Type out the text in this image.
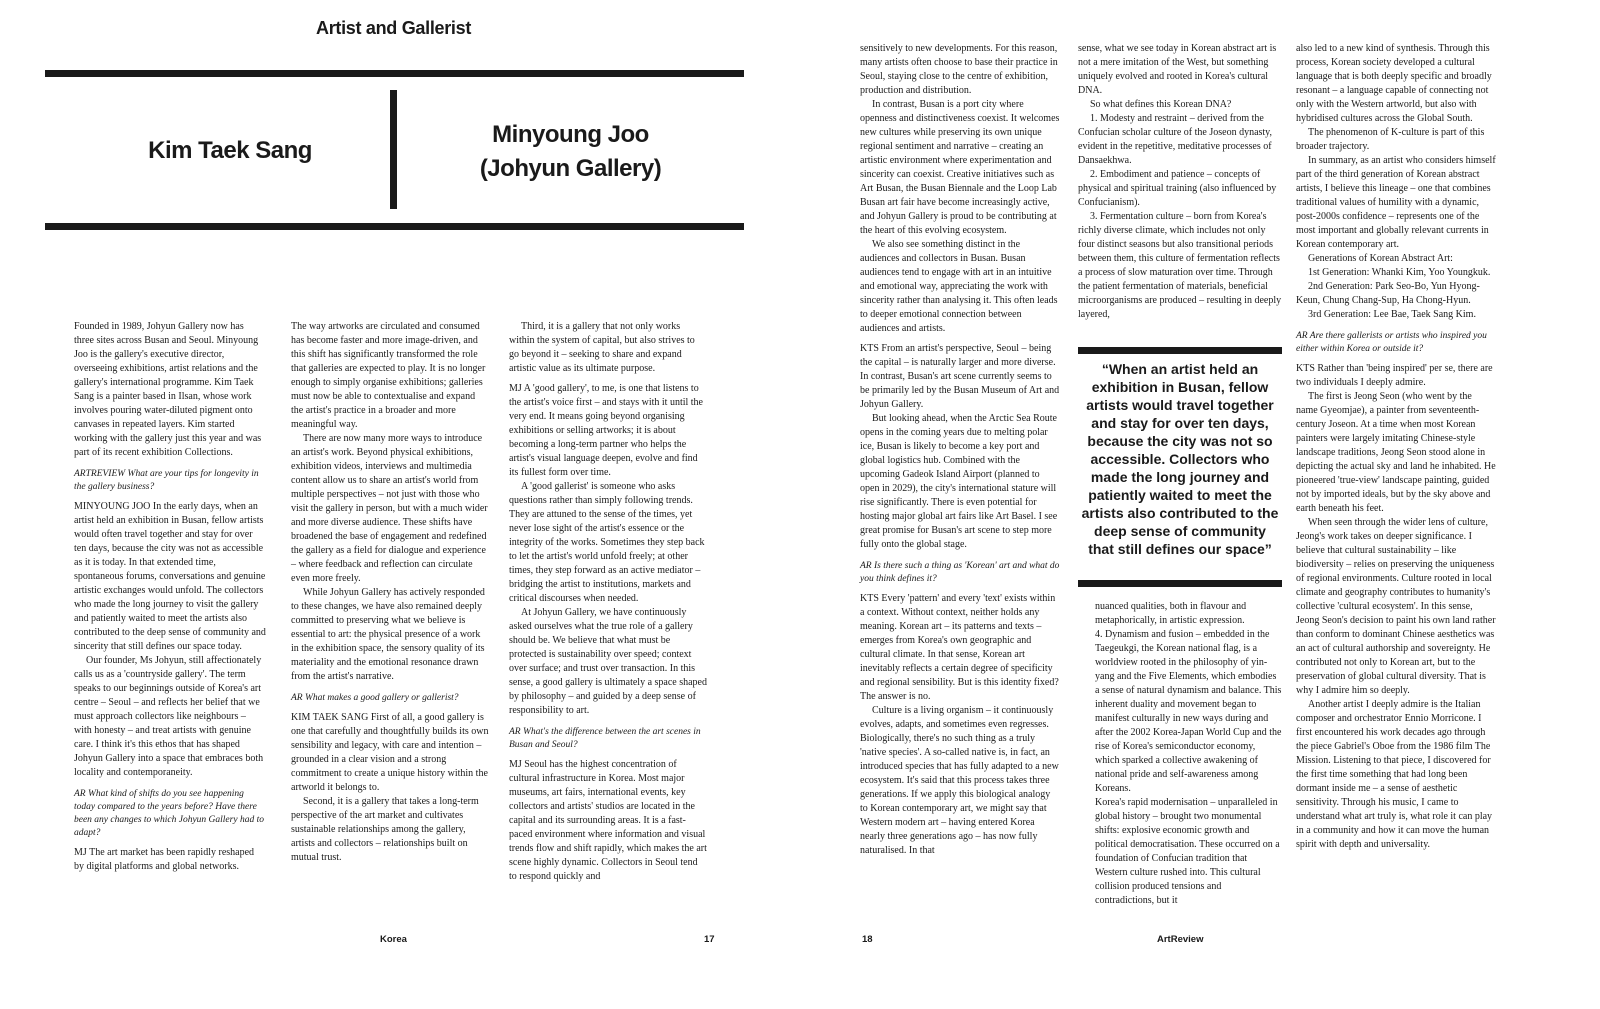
Artist and Gallerist
Kim Taek Sang
Minyoung Joo
(Johyun Gallery)

Founded in 1989, Johyun Gallery now has three sites across Busan and Seoul. Minyoung Joo is the gallery's executive director, overseeing exhibitions, artist relations and the gallery's international programme. Kim Taek Sang is a painter based in Ilsan, whose work involves pouring water-diluted pigment onto canvases in repeated layers. Kim started working with the gallery just this year and was part of its recent exhibition Collections.

ARTREVIEW What are your tips for longevity in the gallery business?

MINYOUNG JOO In the early days, when an artist held an exhibition in Busan, fellow artists would often travel together and stay for over ten days, because the city was not as accessible as it is today. In that extended time, spontaneous forums, conversations and genuine artistic exchanges would unfold. The collectors who made the long journey to visit the gallery and patiently waited to meet the artists also contributed to the deep sense of community and sincerity that still defines our space today.

Our founder, Ms Johyun, still affectionately calls us as a 'countryside gallery'. The term speaks to our beginnings outside of Korea's art centre – Seoul – and reflects her belief that we must approach collectors like neighbours – with honesty – and treat artists with genuine care. I think it's this ethos that has shaped Johyun Gallery into a space that embraces both locality and contemporaneity.

AR What kind of shifts do you see happening today compared to the years before? Have there been any changes to which Johyun Gallery had to adapt?

MJ The art market has been rapidly reshaped by digital platforms and global networks.

The way artworks are circulated and consumed has become faster and more image-driven, and this shift has significantly transformed the role that galleries are expected to play. It is no longer enough to simply organise exhibitions; galleries must now be able to contextualise and expand the artist's practice in a broader and more meaningful way.

There are now many more ways to introduce an artist's work. Beyond physical exhibitions, exhibition videos, interviews and multimedia content allow us to share an artist's world from multiple perspectives – not just with those who visit the gallery in person, but with a much wider and more diverse audience. These shifts have broadened the base of engagement and redefined the gallery as a field for dialogue and experience – where feedback and reflection can circulate even more freely.

While Johyun Gallery has actively responded to these changes, we have also remained deeply committed to preserving what we believe is essential to art: the physical presence of a work in the exhibition space, the sensory quality of its materiality and the emotional resonance drawn from the artist's narrative.

AR What makes a good gallery or gallerist?

KIM TAEK SANG First of all, a good gallery is one that carefully and thoughtfully builds its own sensibility and legacy, with care and intention – grounded in a clear vision and a strong commitment to create a unique history within the artworld it belongs to.

Second, it is a gallery that takes a long-term perspective of the art market and cultivates sustainable relationships among the gallery, artists and collectors – relationships built on mutual trust.

Third, it is a gallery that not only works within the system of capital, but also strives to go beyond it – seeking to share and expand artistic value as its ultimate purpose.

MJ A 'good gallery', to me, is one that listens to the artist's voice first – and stays with it until the very end. It means going beyond organising exhibitions or selling artworks; it is about becoming a long-term partner who helps the artist's visual language deepen, evolve and find its fullest form over time.

A 'good gallerist' is someone who asks questions rather than simply following trends. They are attuned to the sense of the times, yet never lose sight of the artist's essence or the integrity of the works. Sometimes they step back to let the artist's world unfold freely; at other times, they step forward as an active mediator – bridging the artist to institutions, markets and critical discourses when needed.

At Johyun Gallery, we have continuously asked ourselves what the true role of a gallery should be. We believe that what must be protected is sustainability over speed; context over surface; and trust over transaction. In this sense, a good gallery is ultimately a space shaped by philosophy – and guided by a deep sense of responsibility to art.

AR What's the difference between the art scenes in Busan and Seoul?

MJ Seoul has the highest concentration of cultural infrastructure in Korea. Most major museums, art fairs, international events, key collectors and artists' studios are located in the capital and its surrounding areas. It is a fast-paced environment where information and visual trends flow and shift rapidly, which makes the art scene highly dynamic. Collectors in Seoul tend to respond quickly and

Korea	17

sensitively to new developments. For this reason, many artists often choose to base their practice in Seoul, staying close to the centre of exhibition, production and distribution.

In contrast, Busan is a port city where openness and distinctiveness coexist. It welcomes new cultures while preserving its own unique regional sentiment and narrative – creating an artistic environment where experimentation and sincerity can coexist. Creative initiatives such as Art Busan, the Busan Biennale and the Loop Lab Busan art fair have become increasingly active, and Johyun Gallery is proud to be contributing at the heart of this evolving ecosystem.

We also see something distinct in the audiences and collectors in Busan. Busan audiences tend to engage with art in an intuitive and emotional way, appreciating the work with sincerity rather than analysing it. This often leads to deeper emotional connection between audiences and artists.

KTS From an artist's perspective, Seoul – being the capital – is naturally larger and more diverse. In contrast, Busan's art scene currently seems to be primarily led by the Busan Museum of Art and Johyun Gallery.

But looking ahead, when the Arctic Sea Route opens in the coming years due to melting polar ice, Busan is likely to become a key port and global logistics hub. Combined with the upcoming Gadeok Island Airport (planned to open in 2029), the city's international stature will rise significantly. There is even potential for hosting major global art fairs like Art Basel. I see great promise for Busan's art scene to step more fully onto the global stage.

AR Is there such a thing as 'Korean' art and what do you think defines it?

KTS Every 'pattern' and every 'text' exists within a context. Without context, neither holds any meaning. Korean art – its patterns and texts – emerges from Korea's own geographic and cultural climate. In that sense, Korean art inevitably reflects a certain degree of specificity and regional sensibility. But is this identity fixed? The answer is no.

Culture is a living organism – it continuously evolves, adapts, and sometimes even regresses. Biologically, there's no such thing as a truly 'native species'. A so-called native is, in fact, an introduced species that has fully adapted to a new ecosystem. It's said that this process takes three generations. If we apply this biological analogy to Korean contemporary art, we might say that Western modern art – having entered Korea nearly three generations ago – has now fully naturalised. In that

sense, what we see today in Korean abstract art is not a mere imitation of the West, but something uniquely evolved and rooted in Korea's cultural DNA.

So what defines this Korean DNA?

1. Modesty and restraint – derived from the Confucian scholar culture of the Joseon dynasty, evident in the repetitive, meditative processes of Dansaekhwa.

2. Embodiment and patience – concepts of physical and spiritual training (also influenced by Confucianism).

3. Fermentation culture – born from Korea's richly diverse climate, which includes not only four distinct seasons but also transitional periods between them, this culture of fermentation reflects a process of slow maturation over time. Through the patient fermentation of materials, beneficial microorganisms are produced – resulting in deeply layered,

“When an artist held an exhibition in Busan, fellow artists would travel together and stay for over ten days, because the city was not so accessible. Collectors who made the long journey and patiently waited to meet the artists also contributed to the deep sense of community that still defines our space”

nuanced qualities, both in flavour and metaphorically, in artistic expression.

4. Dynamism and fusion – embedded in the Taegeukgi, the Korean national flag, is a worldview rooted in the philosophy of yin-yang and the Five Elements, which embodies a sense of natural dynamism and balance. This inherent duality and movement began to manifest culturally in new ways during and after the 2002 Korea-Japan World Cup and the rise of Korea's semiconductor economy, which sparked a collective awakening of national pride and self-awareness among Koreans.

Korea's rapid modernisation – unparalleled in global history – brought two monumental shifts: explosive economic growth and political democratisation. These occurred on a foundation of Confucian tradition that Western culture rushed into. This cultural collision produced tensions and contradictions, but it

also led to a new kind of synthesis. Through this process, Korean society developed a cultural language that is both deeply specific and broadly resonant – a language capable of connecting not only with the Western artworld, but also with hybridised cultures across the Global South.

The phenomenon of K-culture is part of this broader trajectory.

In summary, as an artist who considers himself part of the third generation of Korean abstract artists, I believe this lineage – one that combines traditional values of humility with a dynamic, post-2000s confidence – represents one of the most important and globally relevant currents in Korean contemporary art.

Generations of Korean Abstract Art:

1st Generation: Whanki Kim, Yoo Youngkuk.

2nd Generation: Park Seo-Bo, Yun Hyong-Keun, Chung Chang-Sup, Ha Chong-Hyun.

3rd Generation: Lee Bae, Taek Sang Kim.

AR Are there gallerists or artists who inspired you either within Korea or outside it?

KTS Rather than 'being inspired' per se, there are two individuals I deeply admire.

The first is Jeong Seon (who went by the name Gyeomjae), a painter from seventeenth-century Joseon. At a time when most Korean painters were largely imitating Chinese-style landscape traditions, Jeong Seon stood alone in depicting the actual sky and land he inhabited. He pioneered 'true-view' landscape painting, guided not by imported ideals, but by the sky above and earth beneath his feet.

When seen through the wider lens of culture, Jeong's work takes on deeper significance. I believe that cultural sustainability – like biodiversity – relies on preserving the uniqueness of regional environments. Culture rooted in local climate and geography contributes to humanity's collective 'cultural ecosystem'. In this sense, Jeong Seon's decision to paint his own land rather than conform to dominant Chinese aesthetics was an act of cultural authorship and sovereignty. He contributed not only to Korean art, but to the preservation of global cultural diversity. That is why I admire him so deeply.

Another artist I deeply admire is the Italian composer and orchestrator Ennio Morricone. I first encountered his work decades ago through the piece Gabriel's Oboe from the 1986 film The Mission. Listening to that piece, I discovered for the first time something that had long been dormant inside me – a sense of aesthetic sensitivity. Through his music, I came to understand what art truly is, what role it can play in a community and how it can move the human spirit with depth and universality.

18	ArtReview
